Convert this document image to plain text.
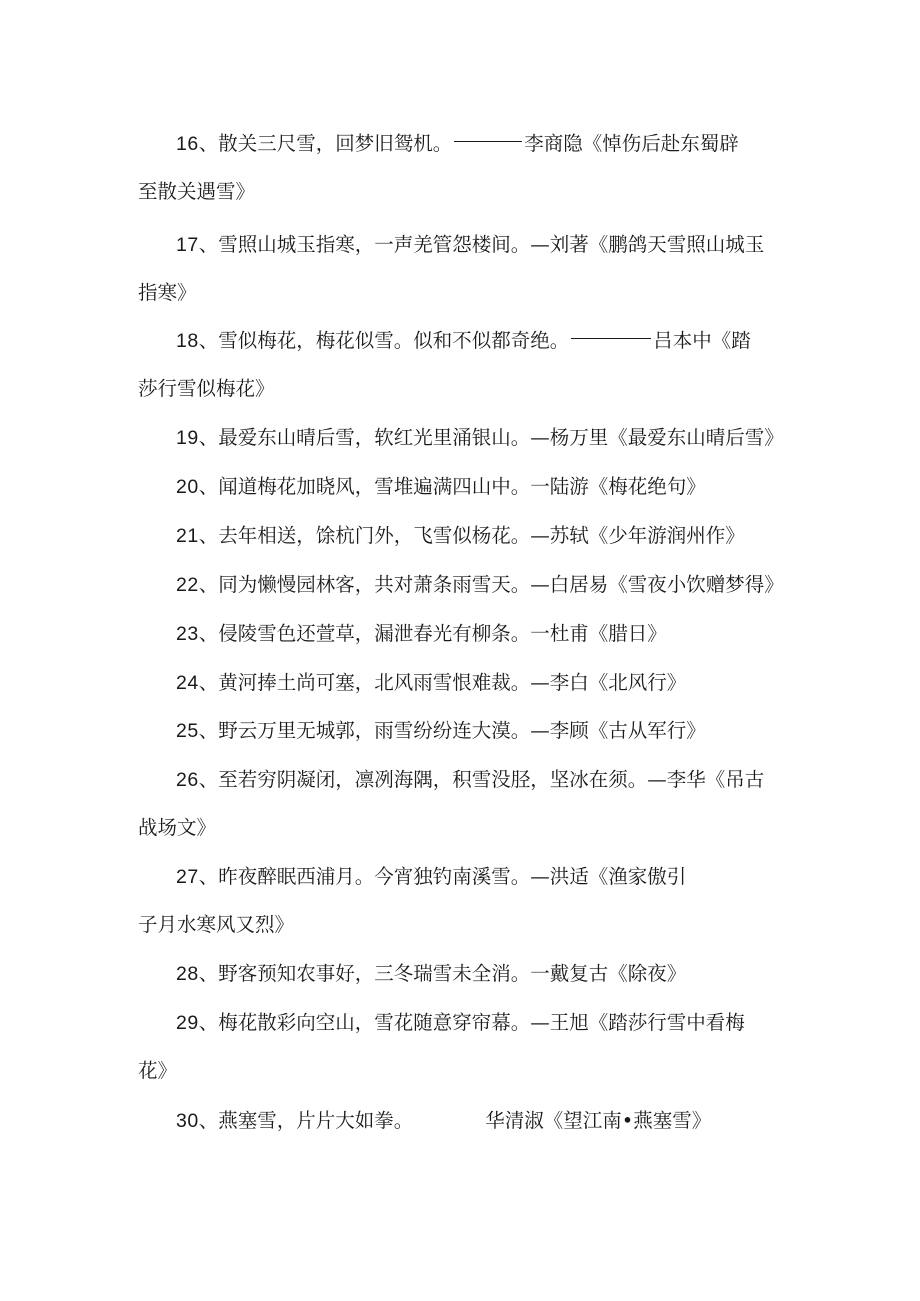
16、散关三尺雪，回梦旧鸳机。	李商隐《悼伤后赴东蜀辟
至散关遇雪》
17、雪照山城玉指寒，一声羌管怨楼间。—刘著《鹏鸽天雪照山城玉
指寒》
18、雪似梅花，梅花似雪。似和不似都奇绝。	吕本中《踏
莎行雪似梅花》
19、最爱东山晴后雪，软红光里涌银山。—杨万里《最爱东山晴后雪》
20、闻道梅花加晓风，雪堆遍满四山中。一陆游《梅花绝句》
21、去年相送，馀杭门外，飞雪似杨花。—苏轼《少年游润州作》
22、同为懒慢园林客，共对萧条雨雪天。—白居易《雪夜小饮赠梦得》
23、侵陵雪色还萱草，漏泄春光有柳条。一杜甫《腊日》
24、黄河捧土尚可塞，北风雨雪恨难裁。—李白《北风行》
25、野云万里无城郭，雨雪纷纷连大漠。—李顾《古从军行》
26、至若穷阴凝闭，凛冽海隅，积雪没胫，坚冰在须。—李华《吊古
战场文》
27、昨夜醉眠西浦月。今宵独钓南溪雪。—洪适《渔家傲引
子月水寒风又烈》
28、野客预知农事好，三冬瑞雪未全消。一戴复古《除夜》
29、梅花散彩向空山，雪花随意穿帘幕。—王旭《踏莎行雪中看梅
花》
30、燕塞雪，片片大如拳。	华清淑《望江南•燕塞雪》
